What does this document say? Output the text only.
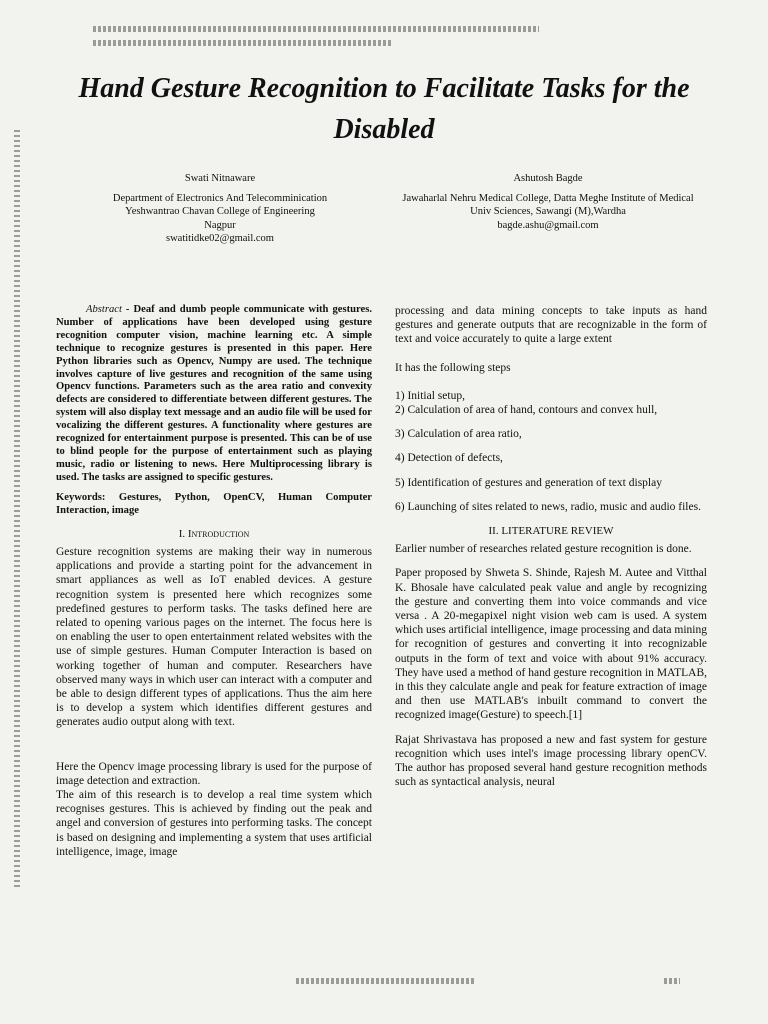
Hand Gesture Recognition to Facilitate Tasks for the Disabled
Swati Nitnaware
Department of Electronics And Telecomminication
Yeshwantrao Chavan College of Engineering
Nagpur
swatitidke02@gmail.com
Ashutosh Bagde
Jawaharlal Nehru Medical College, Datta Meghe Institute of Medical
Univ Sciences, Sawangi (M),Wardha
bagde.ashu@gmail.com

Abstract - Deaf and dumb people communicate with gestures. Number of applications have been developed using gesture recognition computer vision, machine learning etc. A simple technique to recognize gestures is presented in this paper. Here Python libraries such as Opencv, Numpy are used. The technique involves capture of live gestures and recognition of the same using Opencv functions. Parameters such as the area ratio and convexity defects are considered to differentiate between different gestures. The system will also display text message and an audio file will be used for vocalizing the different gestures. A functionality where gestures are recognized for entertainment purpose is presented. This can be of use to blind people for the purpose of entertainment such as playing music, radio or listening to news. Here Multiprocessing library is used. The tasks are assigned to specific gestures.

Keywords: Gestures, Python, OpenCV, Human Computer Interaction, image

I. Introduction

Gesture recognition systems are making their way in numerous applications and provide a starting point for the advancement in smart appliances as well as IoT enabled devices. A gesture recognition system is presented here which recognizes some predefined gestures to perform tasks. The tasks defined here are related to opening various pages on the internet. The focus here is on enabling the user to open entertainment related websites with the use of simple gestures. Human Computer Interaction is based on working together of human and computer. Researchers have observed many ways in which user can interact with a computer and be able to design different types of applications. Thus the aim here is to develop a system which identifies different gestures and generates audio output along with text.

Here the Opencv image processing library is used for the purpose of image detection and extraction.

The aim of this research is to develop a real time system which recognises gestures. This is achieved by finding out the peak and angel and conversion of gestures into performing tasks. The concept is based on designing and implementing a system that uses artificial intelligence, image, image

processing and data mining concepts to take inputs as hand gestures and generate outputs that are recognizable in the form of text and voice accurately to quite a large extent

It has the following steps

1) Initial setup,

2) Calculation of area of hand, contours and convex hull,

3) Calculation of area ratio,

4) Detection of defects,

5) Identification of gestures and generation of text display

6) Launching of sites related to news, radio, music and audio files.

II. LITERATURE REVIEW

Earlier number of researches related gesture recognition is done.

Paper proposed by Shweta S. Shinde, Rajesh M. Autee and Vitthal K. Bhosale have calculated peak value and angle by recognizing the gesture and converting them into voice commands and vice versa . A 20-megapixel night vision web cam is used. A system which uses artificial intelligence, image processing and data mining for recognition of gestures and converting it into recognizable outputs in the form of text and voice with about 91% accuracy. They have used a method of hand gesture recognition in MATLAB, in this they calculate angle and peak for feature extraction of image and then use MATLAB's inbuilt command to convert the recognized image(Gesture) to speech.[1]

Rajat Shrivastava has proposed a new and fast system for gesture recognition which uses intel's image processing library openCV. The author has proposed several hand gesture recognition methods such as syntactical analysis, neural
